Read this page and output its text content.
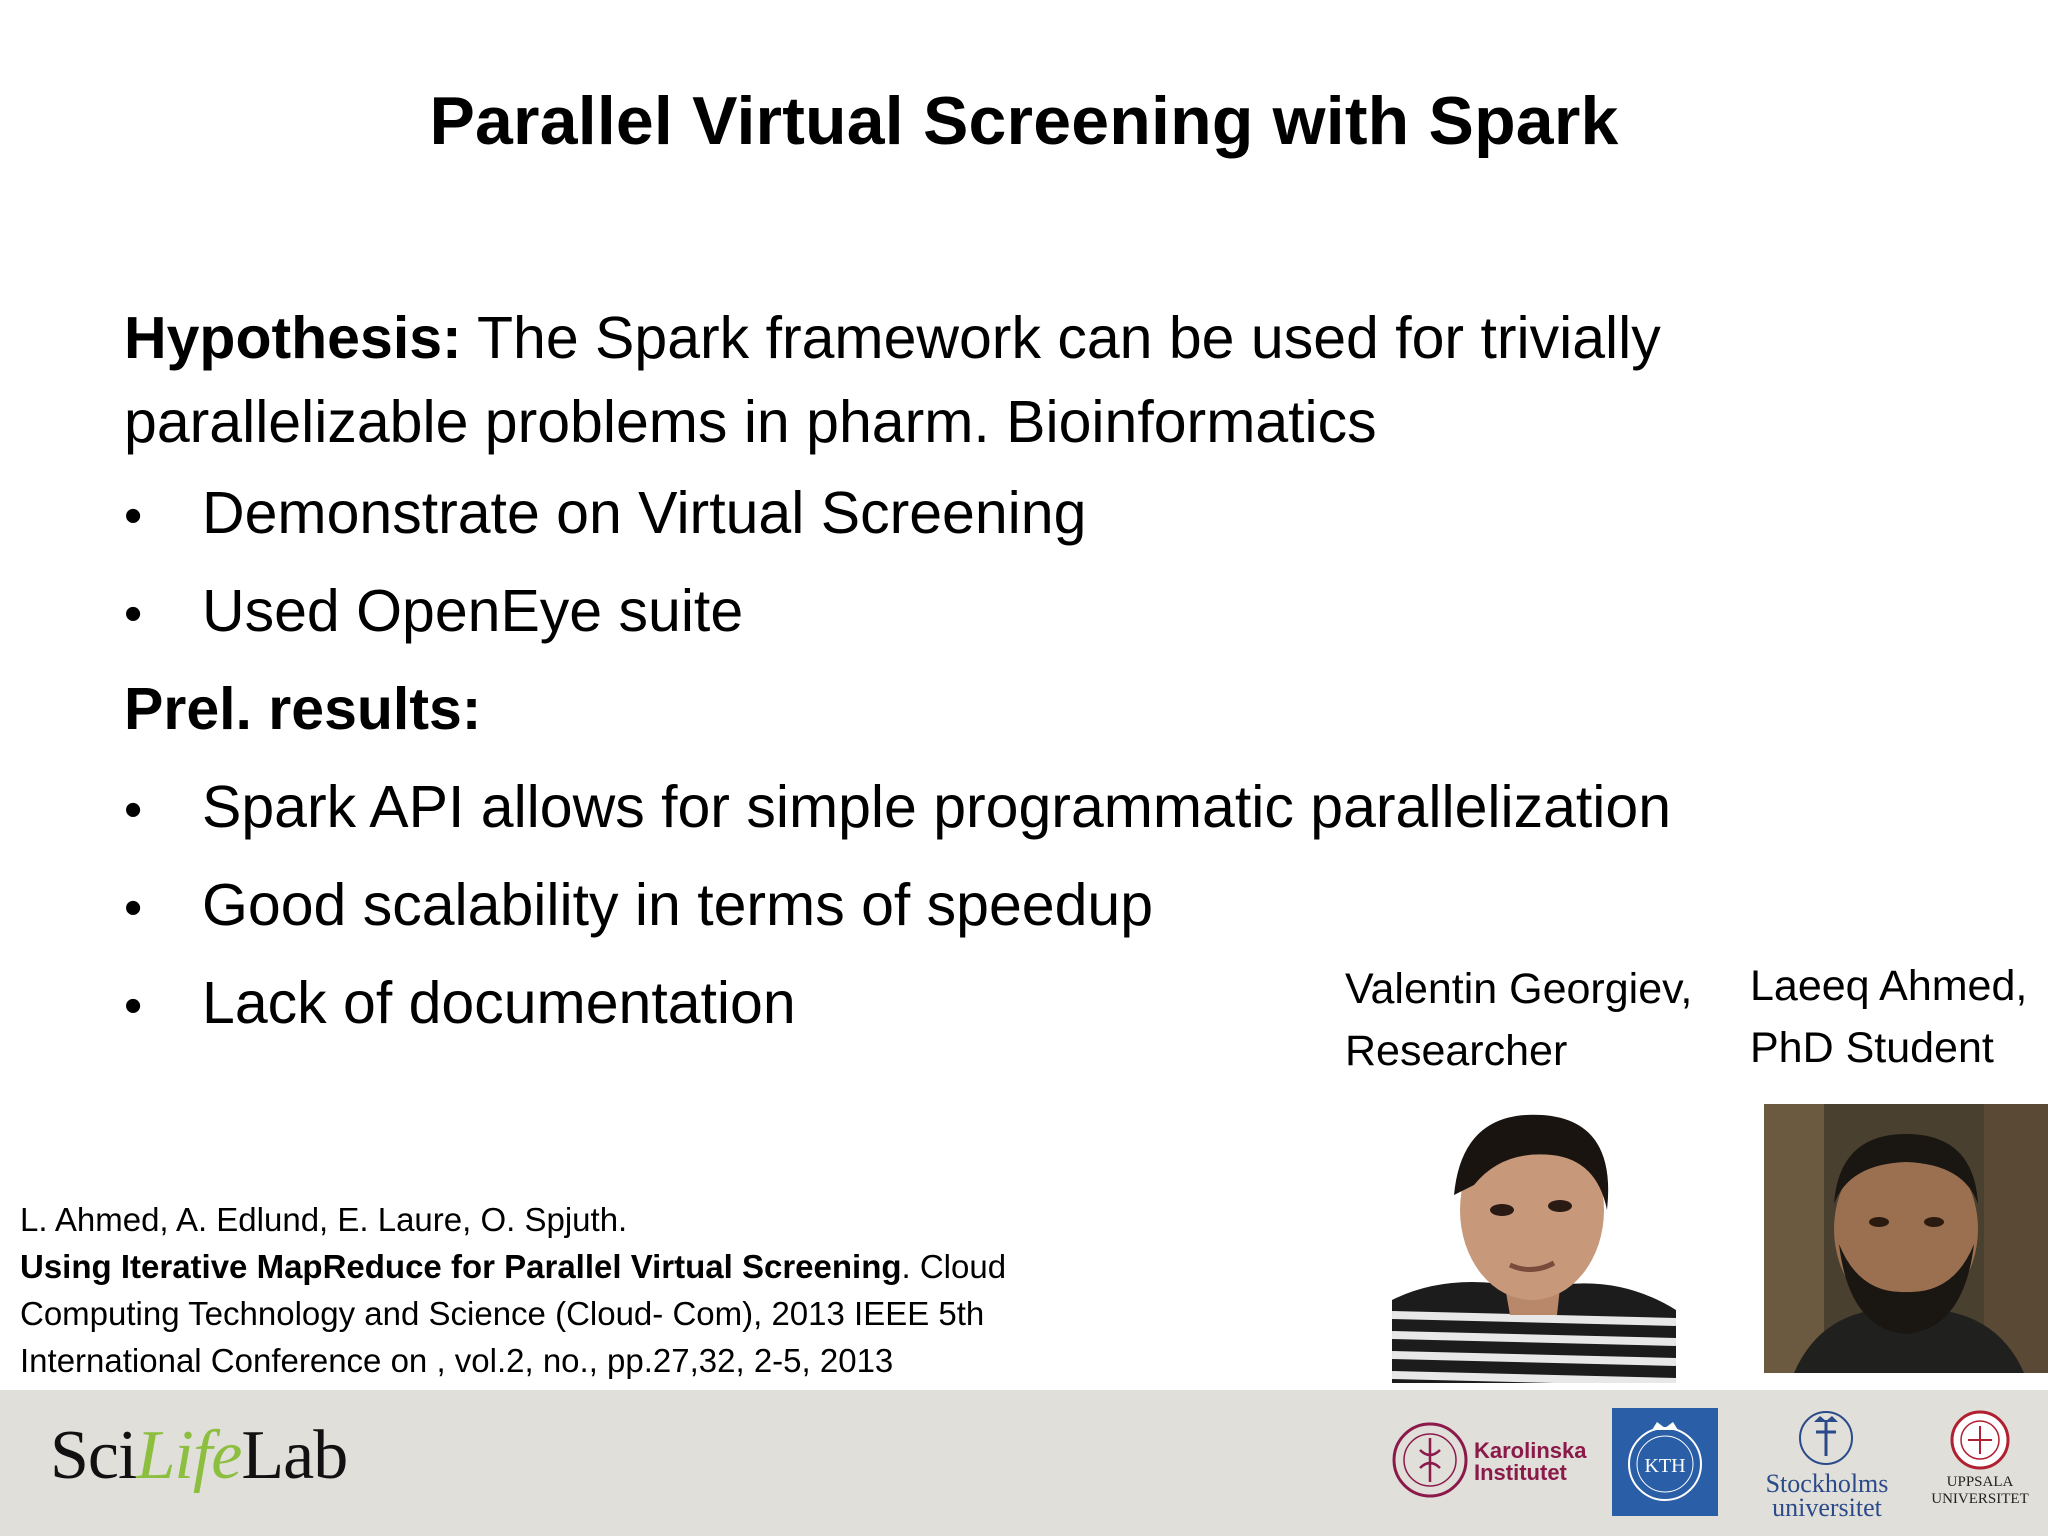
Parallel Virtual Screening with Spark
Hypothesis: The Spark framework can be used for trivially
parallelizable problems in pharm. Bioinformatics
•	Demonstrate on Virtual Screening
•	Used OpenEye suite
Prel. results:
•	Spark API allows for simple programmatic parallelization
•	Good scalability in terms of speedup
•	Lack of documentation	Valentin Georgiev,
Researcher
Laeeq Ahmed,
PhD Student
L. Ahmed, A. Edlund, E. Laure, O. Spjuth.
Using Iterative MapReduce for Parallel Virtual Screening. Cloud
Computing Technology and Science (Cloud- Com), 2013 IEEE 5th
International Conference on , vol.2, no., pp.27,32, 2-5, 2013
SciLifeLab	Karolinska
Institutet	KTH
Stockholms
universitet
UPPSALA
UNIVERSITET
